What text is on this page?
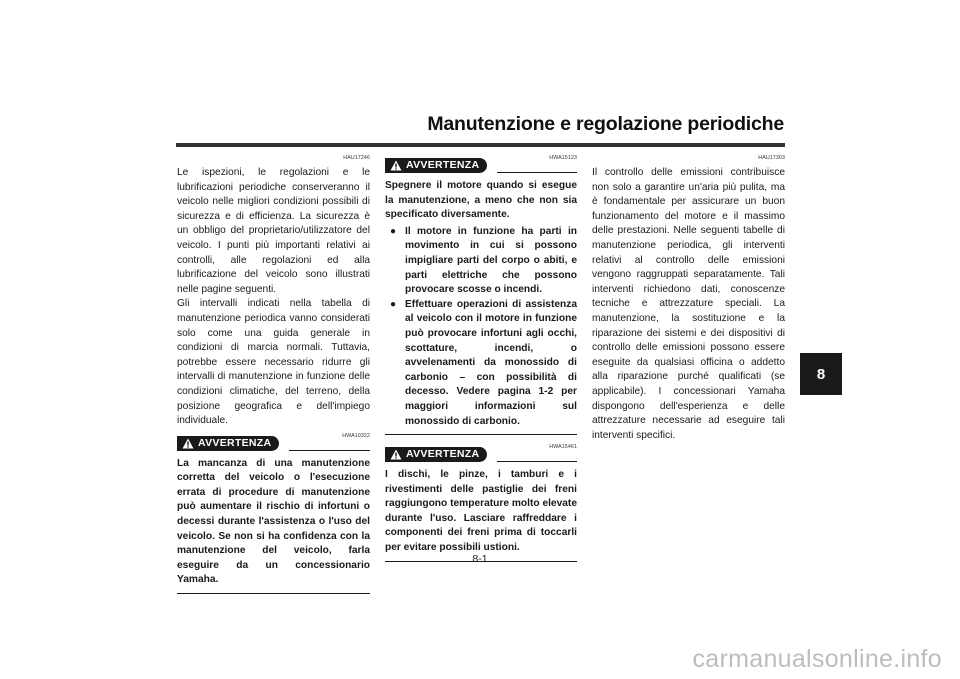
Manutenzione e regolazione periodiche
8
HAU17246

Le ispezioni, le regolazioni e le lubrificazioni periodiche conserveranno il veicolo nelle migliori condizioni possibili di sicurezza e di efficienza. La sicurezza è un obbligo del proprietario/utilizzatore del veicolo. I punti più importanti relativi ai controlli, alle regolazioni ed alla lubrificazione del veicolo sono illustrati nelle pagine seguenti.

Gli intervalli indicati nella tabella di manutenzione periodica vanno considerati solo come una guida generale in condizioni di marcia normali. Tuttavia, potrebbe essere necessario ridurre gli intervalli di manutenzione in funzione delle condizioni climatiche, del terreno, della posizione geografica e dell'impiego individuale.

HWA10322
AVVERTENZA

La mancanza di una manutenzione corretta del veicolo o l'esecuzione errata di procedure di manutenzione può aumentare il rischio di infortuni o decessi durante l'assistenza o l'uso del veicolo. Se non si ha confidenza con la manutenzione del veicolo, farla eseguire da un concessionario Yamaha.

HWA15123
AVVERTENZA

Spegnere il motore quando si esegue la manutenzione, a meno che non sia specificato diversamente.

● Il motore in funzione ha parti in movimento in cui si possono impigliare parti del corpo o abiti, e parti elettriche che possono provocare scosse o incendi.
● Effettuare operazioni di assistenza al veicolo con il motore in funzione può provocare infortuni agli occhi, scottature, incendi, o avvelenamenti da monossido di carbonio – con possibilità di decesso. Vedere pagina 1-2 per maggiori informazioni sul monossido di carbonio.
HWA15461
AVVERTENZA

I dischi, le pinze, i tamburi e i rivestimenti delle pastiglie dei freni raggiungono temperature molto elevate durante l'uso. Lasciare raffreddare i componenti dei freni prima di toccarli per evitare possibili ustioni.

HAU17303

Il controllo delle emissioni contribuisce non solo a garantire un'aria più pulita, ma è fondamentale per assicurare un buon funzionamento del motore e il massimo delle prestazioni. Nelle seguenti tabelle di manutenzione periodica, gli interventi relativi al controllo delle emissioni vengono raggruppati separatamente. Tali interventi richiedono dati, conoscenze tecniche e attrezzature speciali. La manutenzione, la sostituzione e la riparazione dei sistemi e dei dispositivi di controllo delle emissioni possono essere eseguite da qualsiasi officina o addetto alla riparazione purché qualificati (se applicabile). I concessionari Yamaha dispongono dell'esperienza e delle attrezzature necessarie ad eseguire tali interventi specifici.

8-1
carmanualsonline.info
